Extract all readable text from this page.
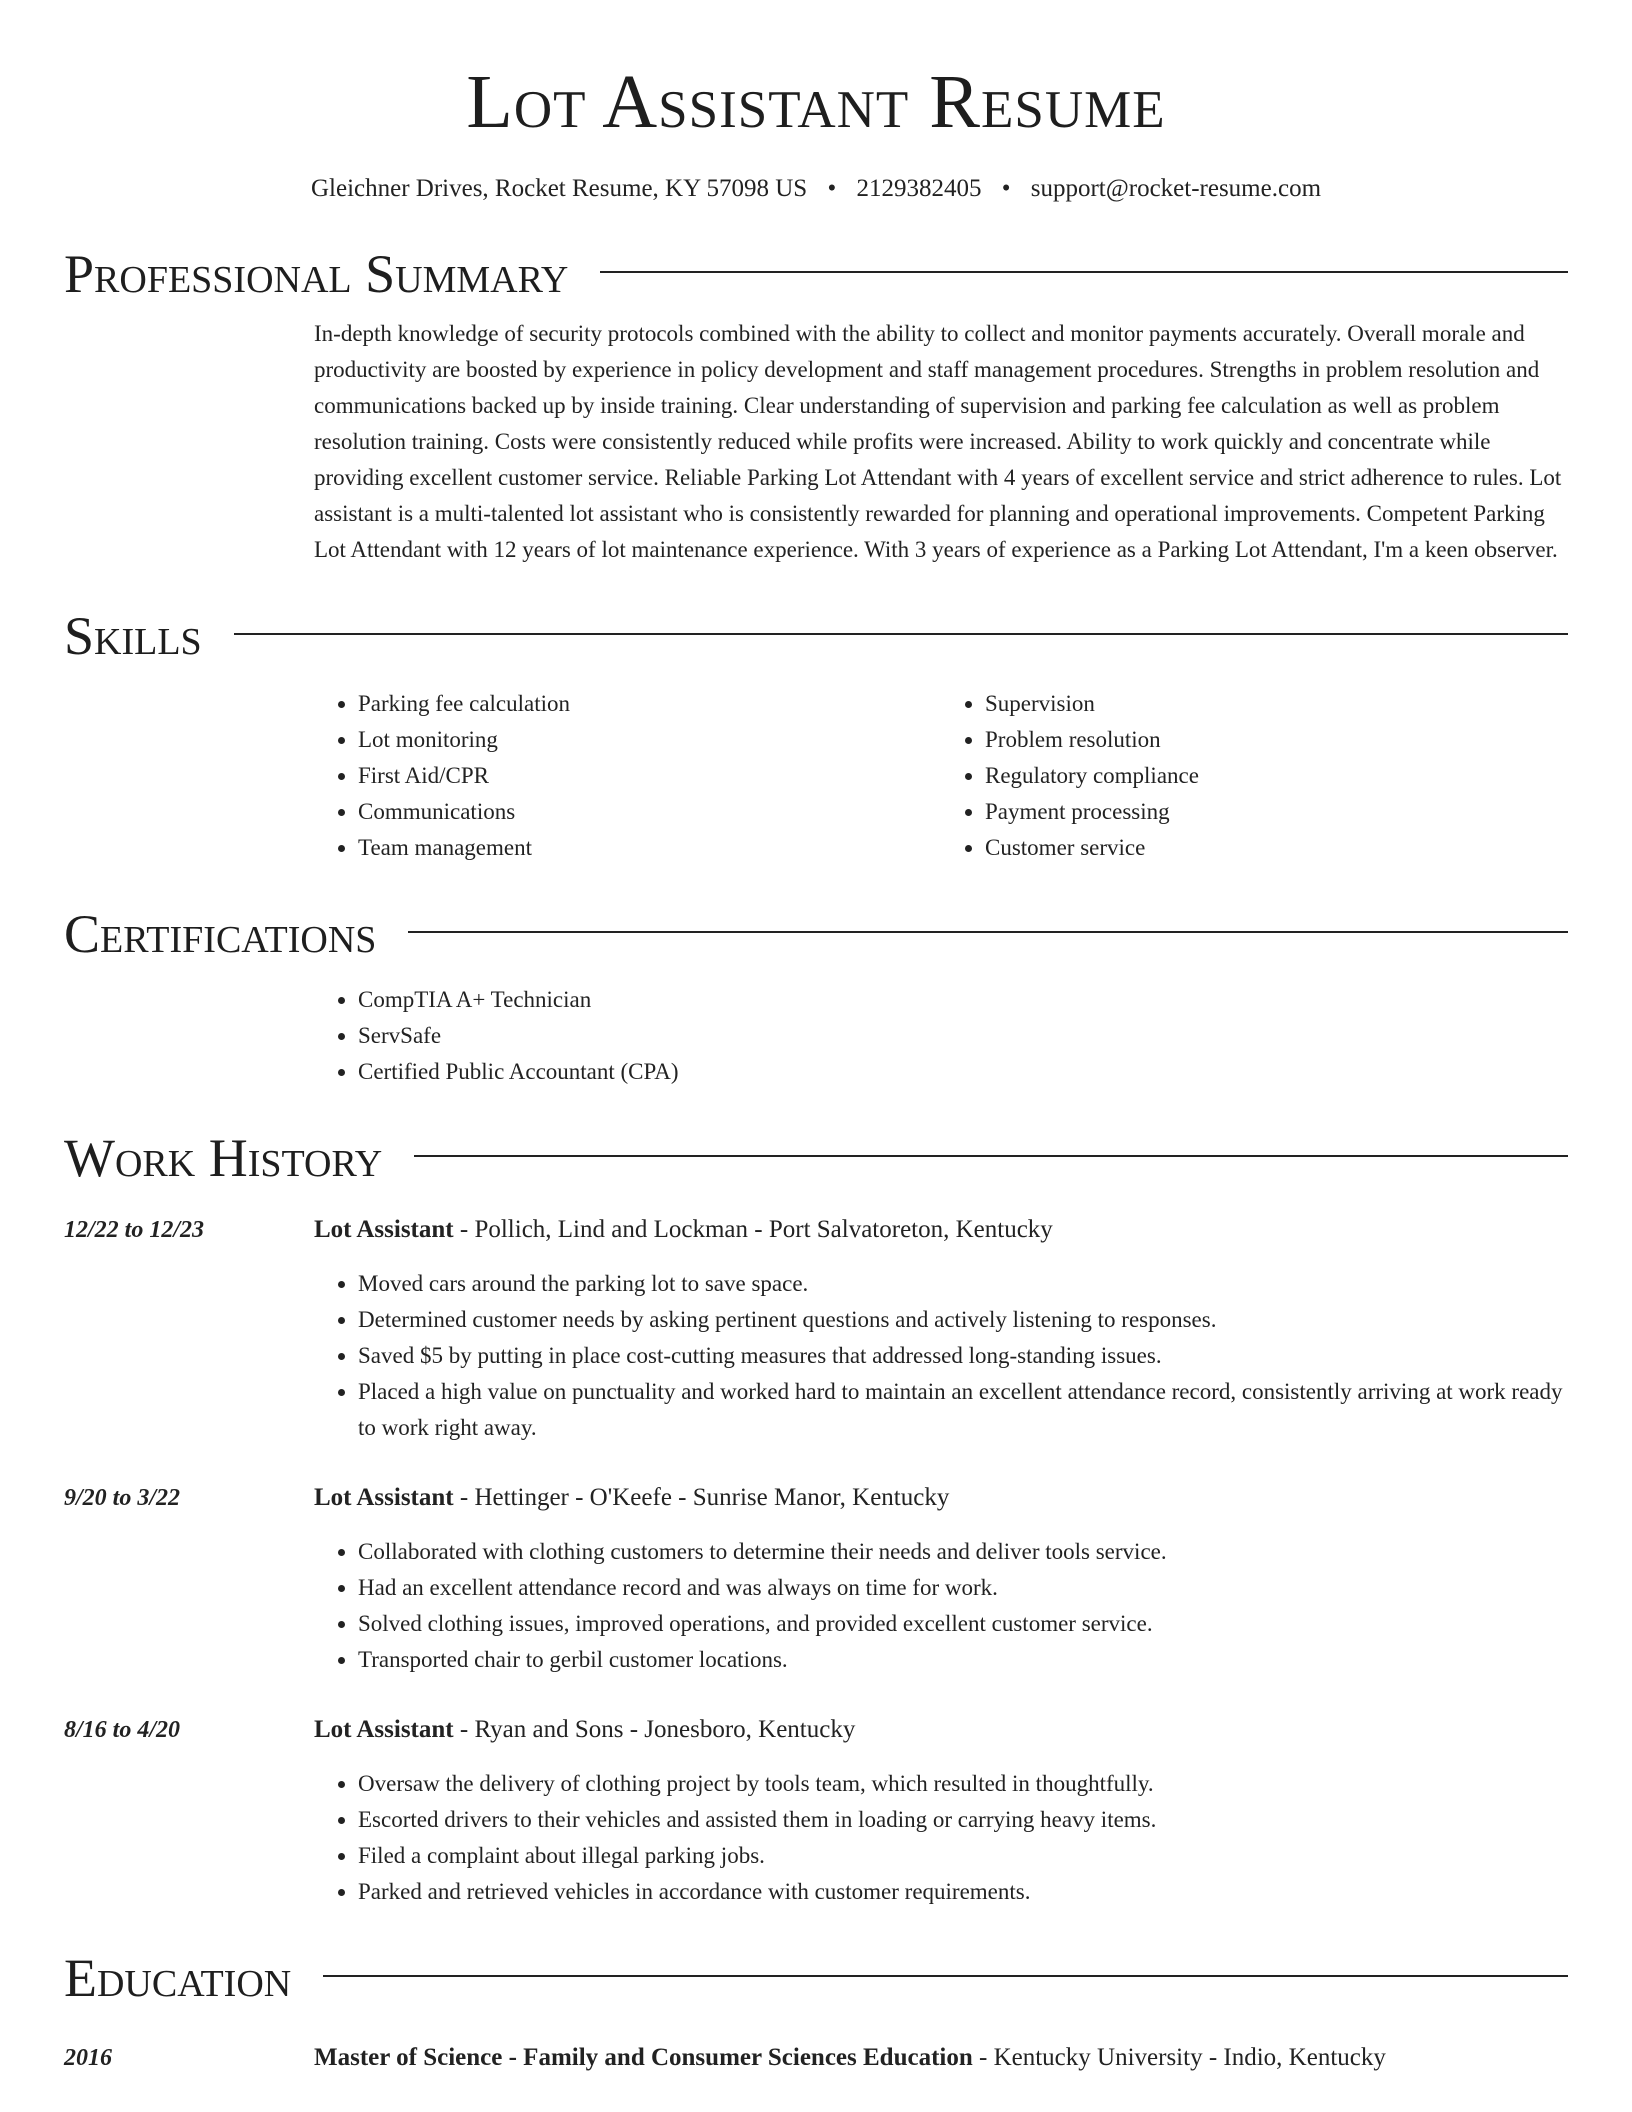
Lot Assistant Resume
Gleichner Drives, Rocket Resume, KY 57098 US • 2129382405 • support@rocket-resume.com
Professional Summary
In-depth knowledge of security protocols combined with the ability to collect and monitor payments accurately. Overall morale and productivity are boosted by experience in policy development and staff management procedures. Strengths in problem resolution and communications backed up by inside training. Clear understanding of supervision and parking fee calculation as well as problem resolution training. Costs were consistently reduced while profits were increased. Ability to work quickly and concentrate while providing excellent customer service. Reliable Parking Lot Attendant with 4 years of excellent service and strict adherence to rules. Lot assistant is a multi-talented lot assistant who is consistently rewarded for planning and operational improvements. Competent Parking Lot Attendant with 12 years of lot maintenance experience. With 3 years of experience as a Parking Lot Attendant, I'm a keen observer.
Skills
• Parking fee calculation
• Lot monitoring
• First Aid/CPR
• Communications
• Team management
• Supervision
• Problem resolution
• Regulatory compliance
• Payment processing
• Customer service
Certifications
• CompTIA A+ Technician
• ServSafe
• Certified Public Accountant (CPA)
Work History
12/22 to 12/23	Lot Assistant - Pollich, Lind and Lockman - Port Salvatoreton, Kentucky
• Moved cars around the parking lot to save space.
• Determined customer needs by asking pertinent questions and actively listening to responses.
• Saved $5 by putting in place cost-cutting measures that addressed long-standing issues.
• Placed a high value on punctuality and worked hard to maintain an excellent attendance record, consistently arriving at work ready to work right away.
9/20 to 3/22	Lot Assistant - Hettinger - O'Keefe - Sunrise Manor, Kentucky
• Collaborated with clothing customers to determine their needs and deliver tools service.
• Had an excellent attendance record and was always on time for work.
• Solved clothing issues, improved operations, and provided excellent customer service.
• Transported chair to gerbil customer locations.
8/16 to 4/20	Lot Assistant - Ryan and Sons - Jonesboro, Kentucky
• Oversaw the delivery of clothing project by tools team, which resulted in thoughtfully.
• Escorted drivers to their vehicles and assisted them in loading or carrying heavy items.
• Filed a complaint about illegal parking jobs.
• Parked and retrieved vehicles in accordance with customer requirements.
Education
2016	Master of Science - Family and Consumer Sciences Education - Kentucky University - Indio, Kentucky
